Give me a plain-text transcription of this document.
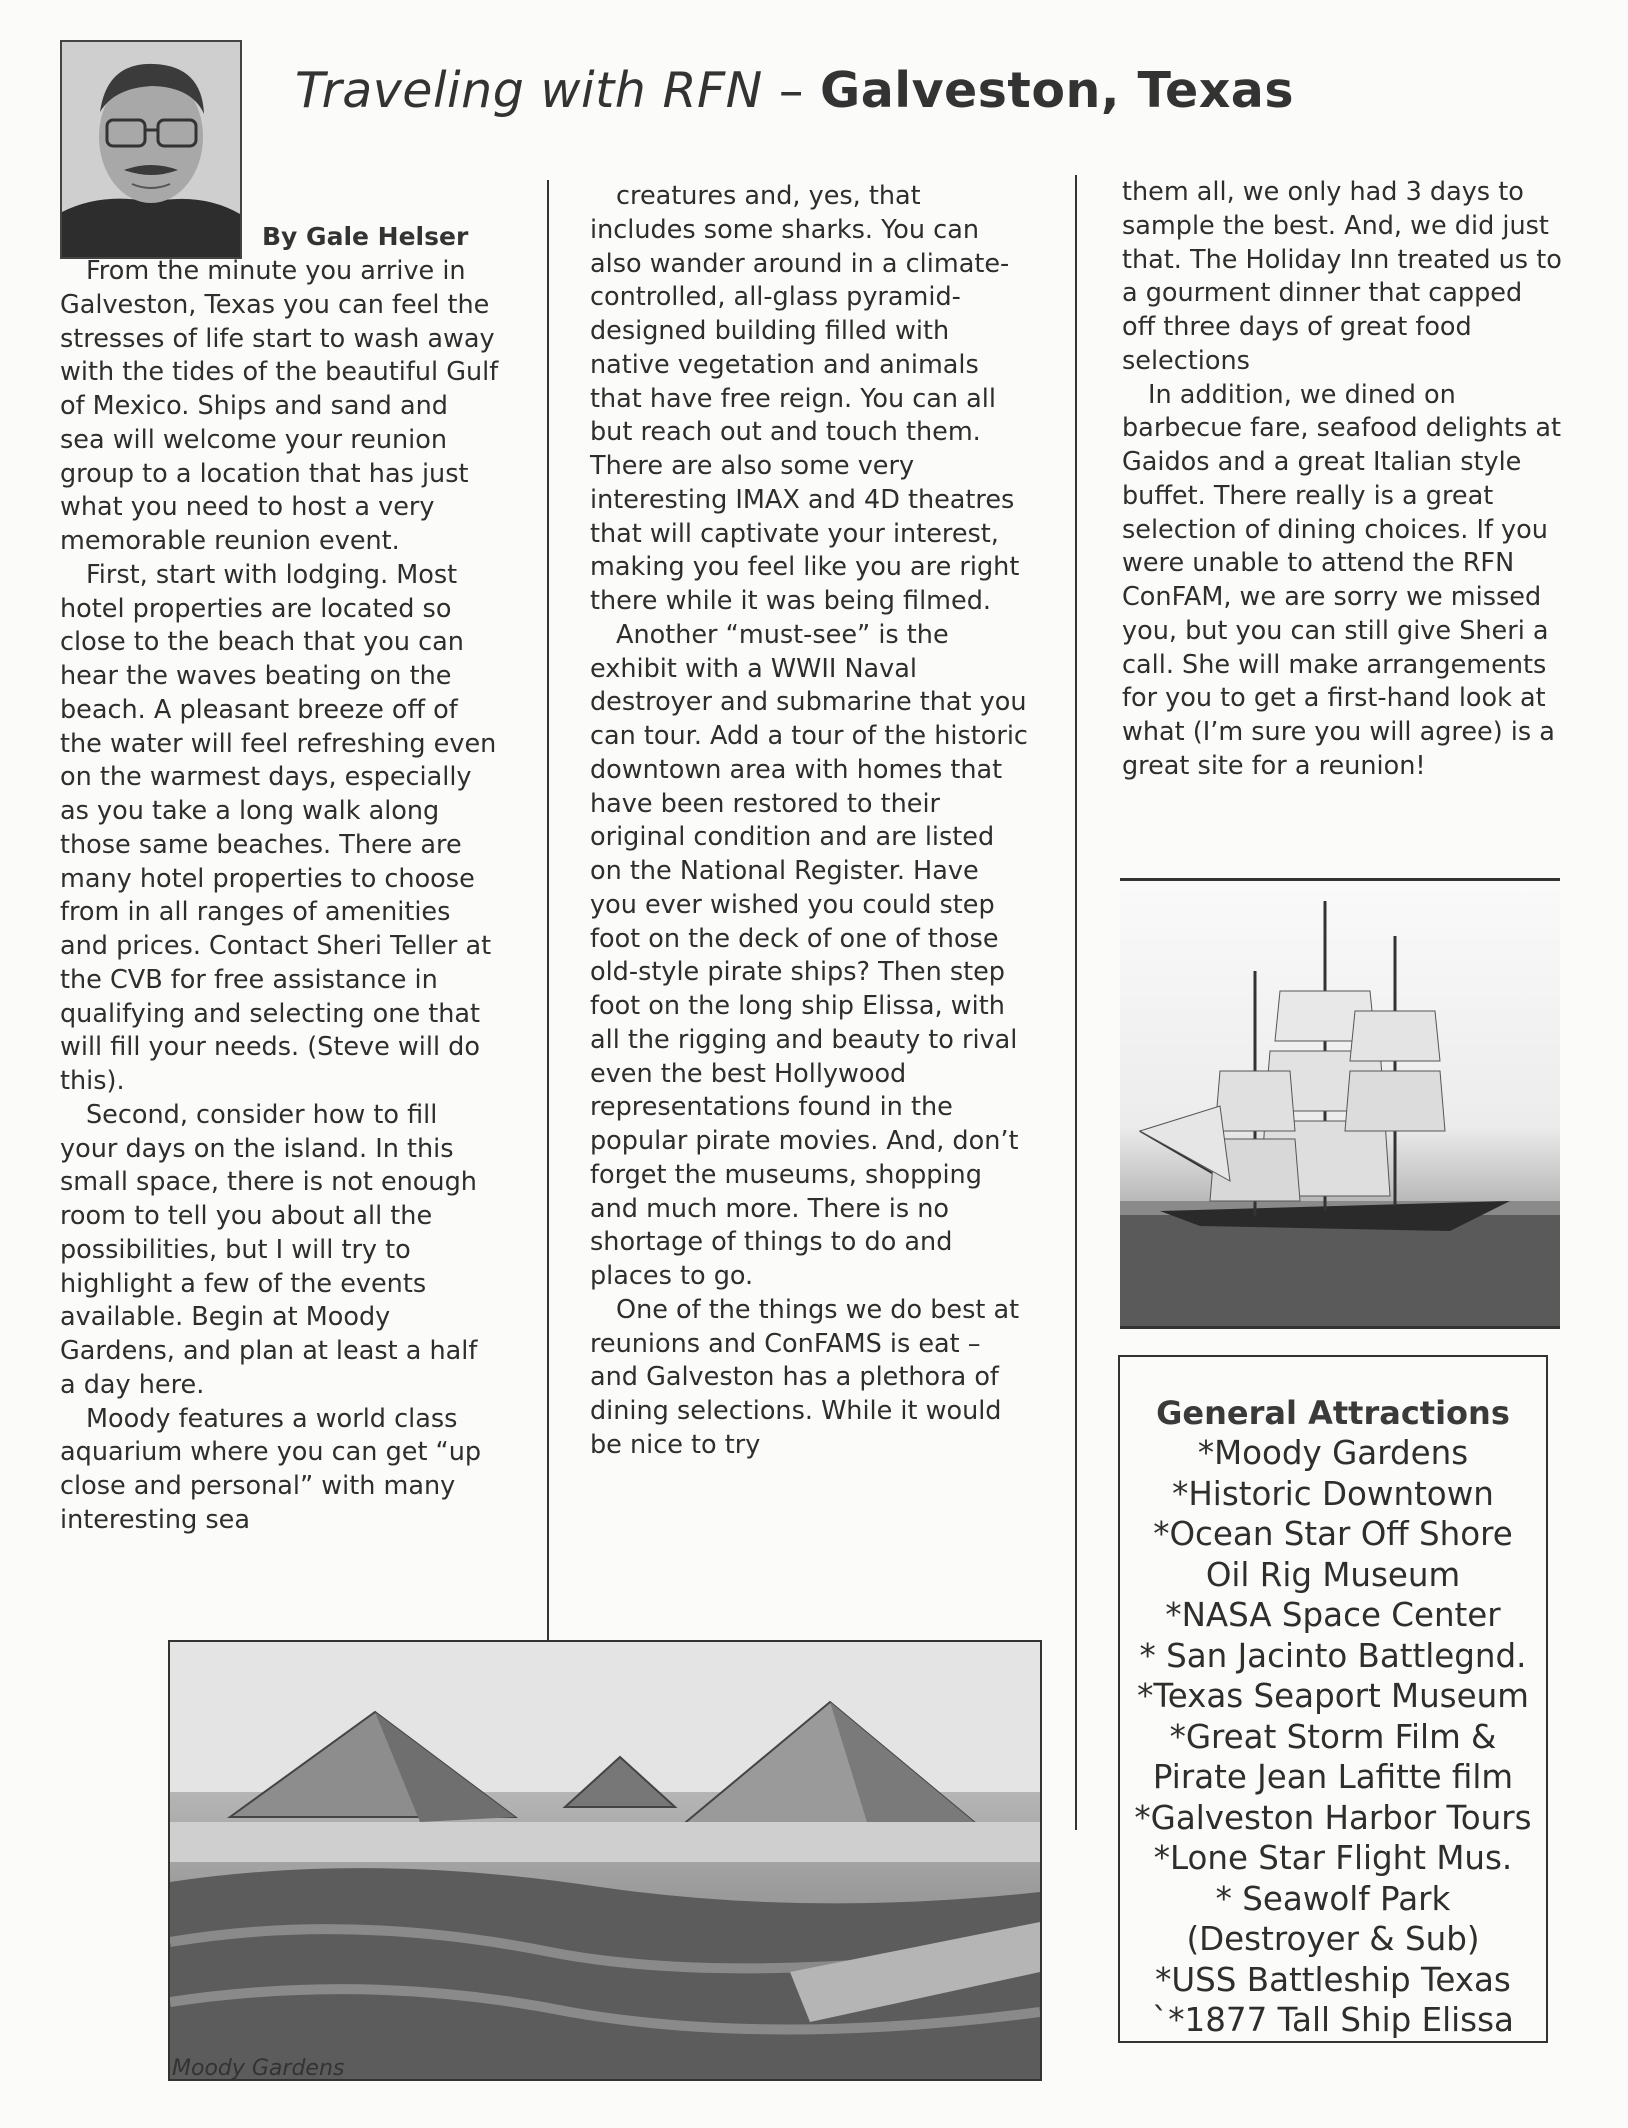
Traveling with RFN – Galveston, Texas
By Gale Helser

From the minute you arrive in Galveston, Texas you can feel the stresses of life start to wash away with the tides of the beautiful Gulf of Mexico. Ships and sand and sea will welcome your reunion group to a location that has just what you need to host a very memorable reunion event.

First, start with lodging. Most hotel properties are located so close to the beach that you can hear the waves beating on the beach. A pleasant breeze off of the water will feel refreshing even on the warmest days, especially as you take a long walk along those same beaches. There are many hotel properties to choose from in all ranges of amenities and prices. Contact Sheri Teller at the CVB for free assistance in qualifying and selecting one that will fill your needs. (Steve will do this).

Second, consider how to fill your days on the island. In this small space, there is not enough room to tell you about all the possibilities, but I will try to highlight a few of the events available. Begin at Moody Gardens, and plan at least a half a day here.

Moody features a world class aquarium where you can get “up close and personal” with many interesting sea

creatures and, yes, that includes some sharks. You can also wander around in a climate-controlled, all-glass pyramid-designed building filled with native vegetation and animals that have free reign. You can all but reach out and touch them. There are also some very interesting IMAX and 4D theatres that will captivate your interest, making you feel like you are right there while it was being filmed.

Another “must-see” is the exhibit with a WWII Naval destroyer and submarine that you can tour. Add a tour of the historic downtown area with homes that have been restored to their original condition and are listed on the National Register. Have you ever wished you could step foot on the deck of one of those old-style pirate ships? Then step foot on the long ship Elissa, with all the rigging and beauty to rival even the best Hollywood representations found in the popular pirate movies. And, don’t forget the museums, shopping and much more. There is no shortage of things to do and places to go.

One of the things we do best at reunions and ConFAMS is eat – and Galveston has a plethora of dining selections. While it would be nice to try

them all, we only had 3 days to sample the best. And, we did just that. The Holiday Inn treated us to a gourment dinner that capped off three days of great food selections

In addition, we dined on barbecue fare, seafood delights at Gaidos and a great Italian style buffet. There really is a great selection of dining choices. If you were unable to attend the RFN ConFAM, we are sorry we missed you, but you can still give Sheri a call. She will make arrangements for you to get a first-hand look at what (I’m sure you will agree) is a great site for a reunion!

General Attractions
*Moody Gardens
*Historic Downtown
*Ocean Star Off Shore
Oil Rig Museum
*NASA Space Center
* San Jacinto Battlegnd.
*Texas Seaport Museum
*Great Storm Film &
Pirate Jean Lafitte film
*Galveston Harbor Tours
*Lone Star Flight Mus.
* Seawolf Park
(Destroyer & Sub)
*USS Battleship Texas
`*1877 Tall Ship Elissa
Moody Gardens
